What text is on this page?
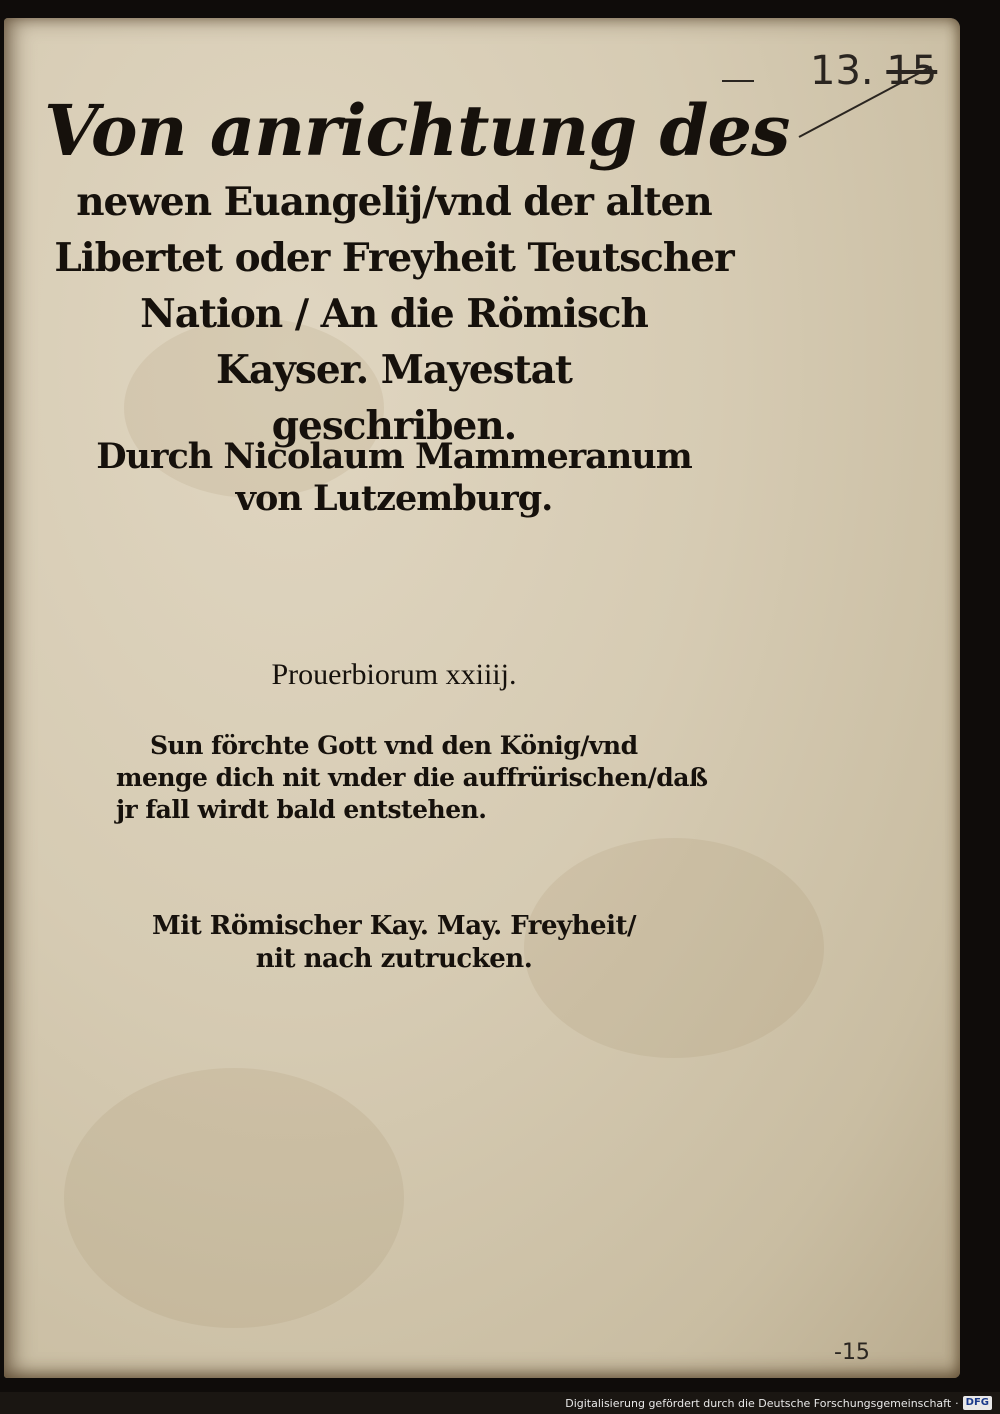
Von anrichtung des
newen Euangelij/vnd der alten
Libertet oder Freyheit Teutscher
Nation / An die Römisch
Kayser. Mayestat
geschriben.
Durch Nicolaum Mammeranum
von Lutzemburg.
Prouerbiorum xxiiij.
Sun förchte Gott vnd den König/vnd
menge dich nit vnder die auffrürischen/daß
jr fall wirdt bald entstehen.
Mit Römischer Kay. May. Freyheit/
nit nach zutrucken.
13. 15
-15
Digitalisierung gefördert durch die Deutsche Forschungsgemeinschaft · DFG
